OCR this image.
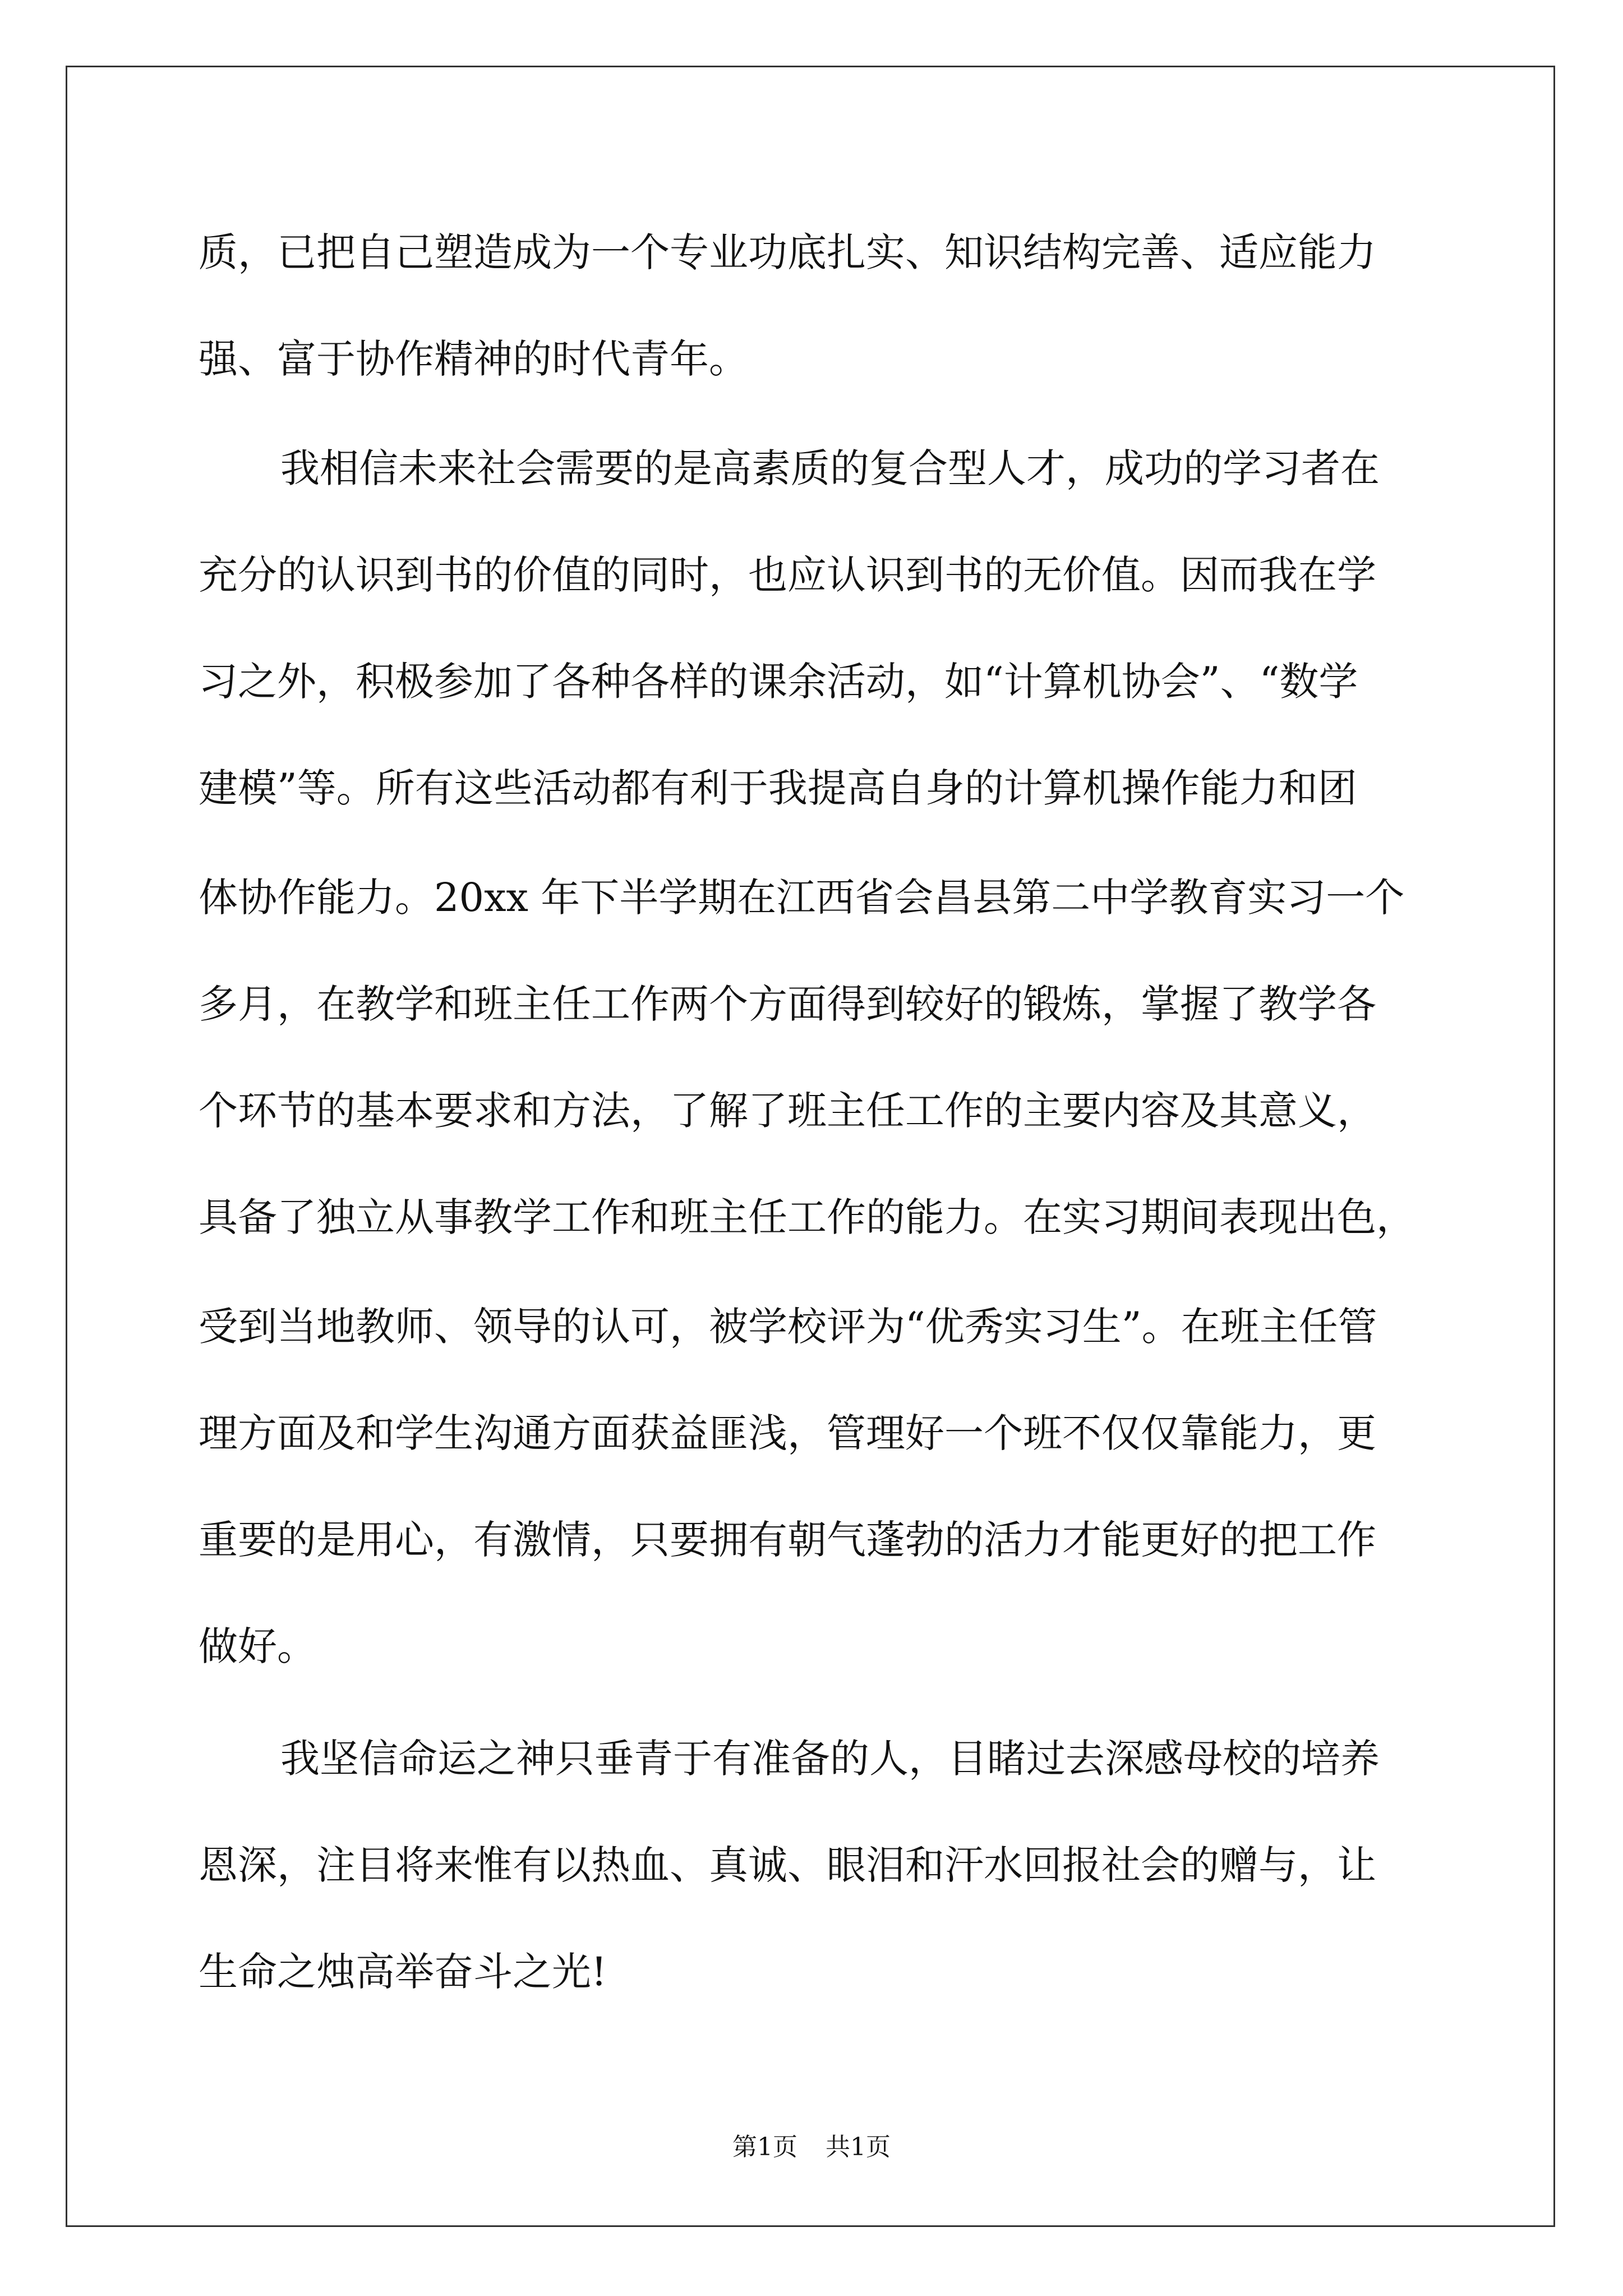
质，已把自己塑造成为一个专业功底扎实、知识结构完善、适应能力
强、富于协作精神的时代青年。
我相信未来社会需要的是高素质的复合型人才，成功的学习者在
充分的认识到书的价值的同时，也应认识到书的无价值。因而我在学
习之外，积极参加了各种各样的课余活动，如“计算机协会”、“数学
建模”等。所有这些活动都有利于我提高自身的计算机操作能力和团
体协作能力。20xx 年下半学期在江西省会昌县第二中学教育实习一个
多月，在教学和班主任工作两个方面得到较好的锻炼，掌握了教学各
个环节的基本要求和方法，了解了班主任工作的主要内容及其意义，
具备了独立从事教学工作和班主任工作的能力。在实习期间表现出色，
受到当地教师、领导的认可，被学校评为“优秀实习生”。在班主任管
理方面及和学生沟通方面获益匪浅，管理好一个班不仅仅靠能力，更
重要的是用心，有激情，只要拥有朝气蓬勃的活力才能更好的把工作
做好。
我坚信命运之神只垂青于有准备的人，目睹过去深感母校的培养
恩深，注目将来惟有以热血、真诚、眼泪和汗水回报社会的赠与，让
生命之烛高举奋斗之光!
第1页 共1页
